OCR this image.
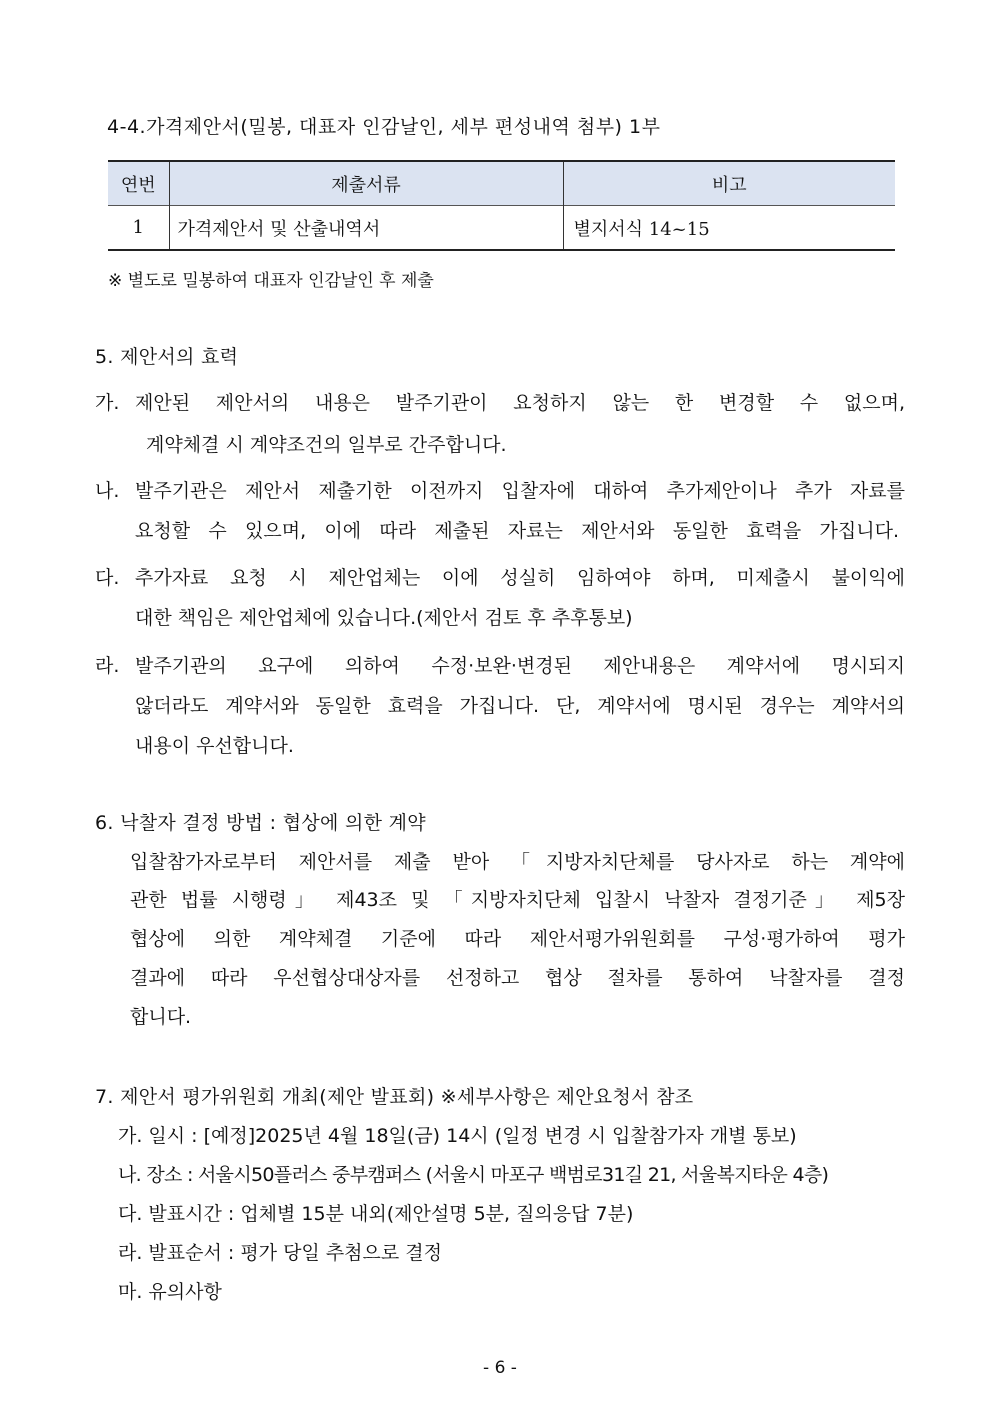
4-4.가격제안서(밀봉, 대표자 인감날인, 세부 편성내역 첨부) 1부
연번	제출서류	비고
1	가격제안서 및 산출내역서	별지서식 14~15
※ 별도로 밀봉하여 대표자 인감날인 후 제출
5. 제안서의 효력
가. 제안된 제안서의 내용은 발주기관이 요청하지 않는 한 변경할 수 없으며,
계약체결 시 계약조건의 일부로 간주합니다.
나. 발주기관은 제안서 제출기한 이전까지 입찰자에 대하여 추가제안이나 추가 자료를
요청할 수 있으며, 이에 따라 제출된 자료는 제안서와 동일한 효력을 가집니다.
다. 추가자료 요청 시 제안업체는 이에 성실히 임하여야 하며, 미제출시 불이익에
대한 책임은 제안업체에 있습니다.(제안서 검토 후 추후통보)
라. 발주기관의 요구에 의하여 수정·보완·변경된 제안내용은 계약서에 명시되지
않더라도 계약서와 동일한 효력을 가집니다. 단, 계약서에 명시된 경우는 계약서의
내용이 우선합니다.
6. 낙찰자 결정 방법 : 협상에 의한 계약
입찰참가자로부터 제안서를 제출 받아 「지방자치단체를 당사자로 하는 계약에
관한 법률 시행령」 제43조 및 「지방자치단체 입찰시 낙찰자 결정기준」 제5장
협상에 의한 계약체결 기준에 따라 제안서평가위원회를 구성·평가하여 평가
결과에 따라 우선협상대상자를 선정하고 협상 절차를 통하여 낙찰자를 결정
합니다.
7. 제안서 평가위원회 개최(제안 발표회) ※세부사항은 제안요청서 참조
가. 일시 : [예정]2025년 4월 18일(금) 14시 (일정 변경 시 입찰참가자 개별 통보)
나. 장소 : 서울시50플러스 중부캠퍼스 (서울시 마포구 백범로31길 21, 서울복지타운 4층)
다. 발표시간 : 업체별 15분 내외(제안설명 5분, 질의응답 7분)
라. 발표순서 : 평가 당일 추첨으로 결정
마. 유의사항
- 6 -
